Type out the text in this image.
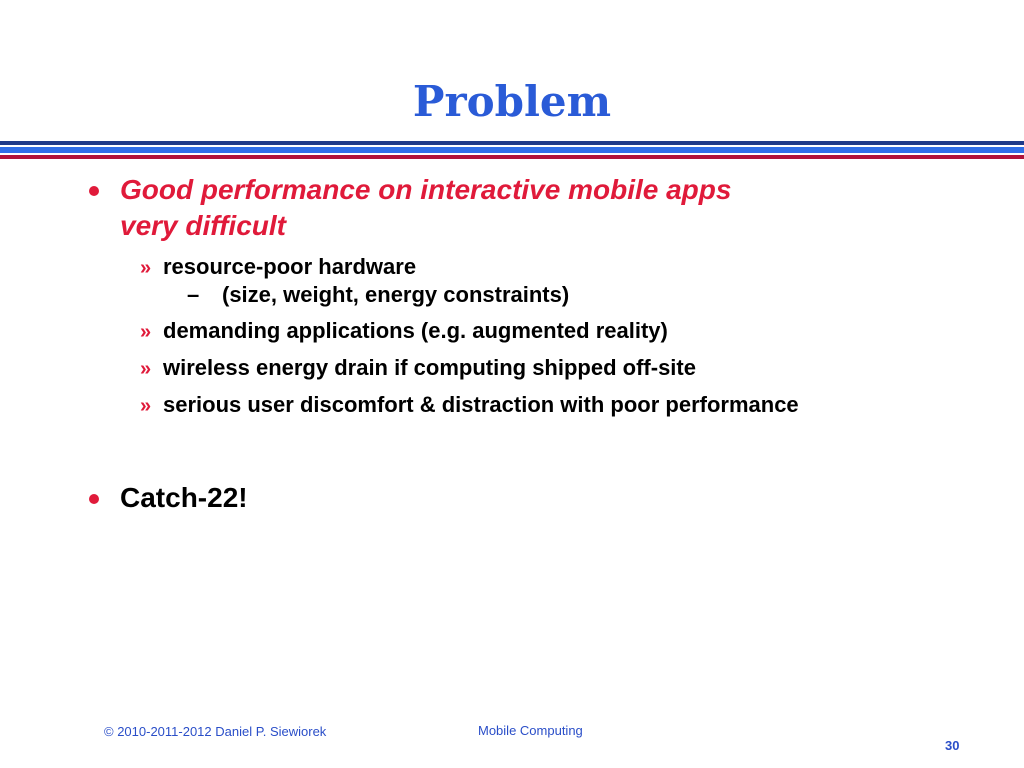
Problem
Good performance on interactive mobile apps
very difficult
» resource-poor hardware
– (size, weight, energy constraints)
» demanding applications (e.g. augmented reality)
» wireless energy drain if computing shipped off-site
» serious user discomfort & distraction with poor performance
Catch-22!
© 2010-2011-2012 Daniel P. Siewiorek	Mobile Computing
30
